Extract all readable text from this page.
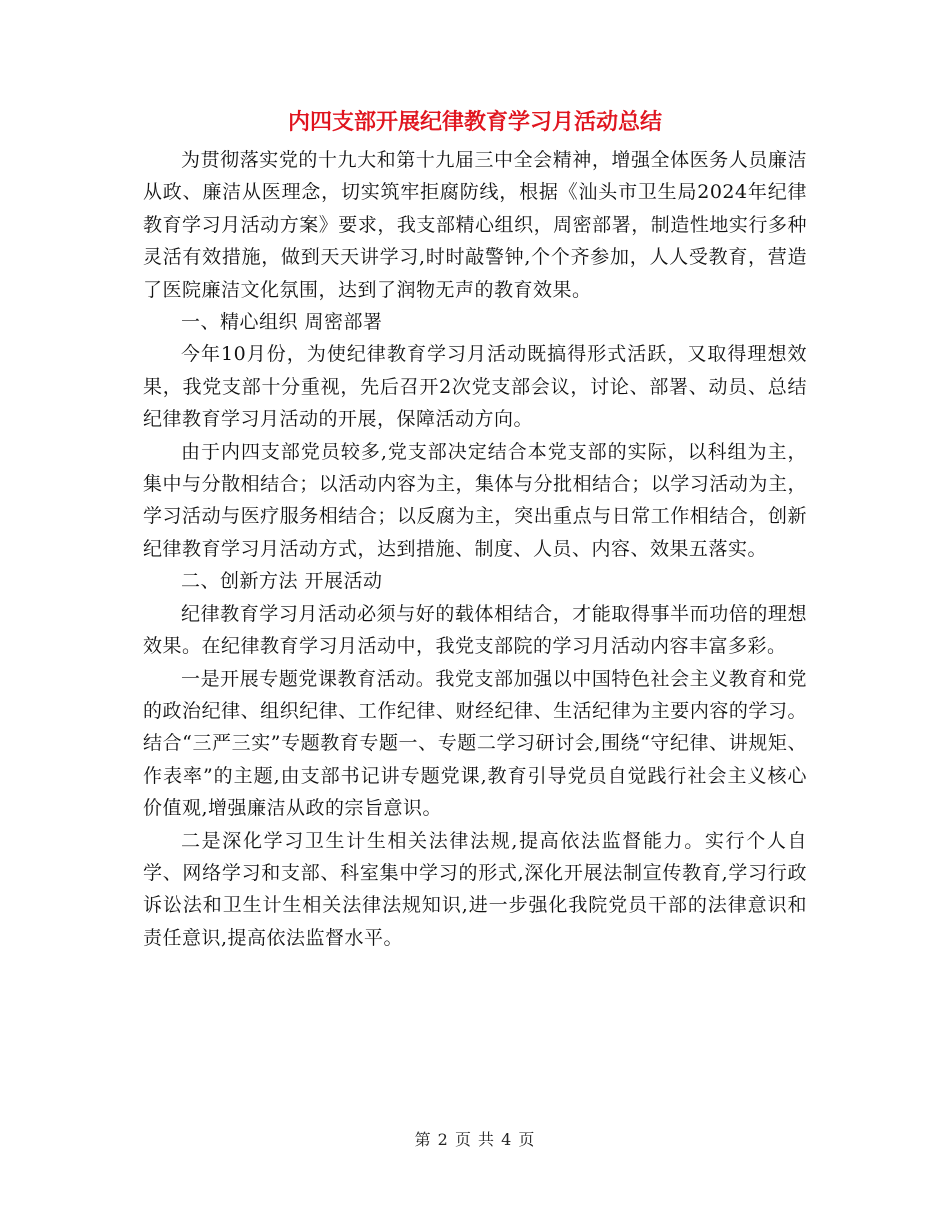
内四支部开展纪律教育学习月活动总结

为贯彻落实党的十九大和第十九届三中全会精神，增强全体医务人员廉洁从政、廉洁从医理念，切实筑牢拒腐防线，根据《汕头市卫生局2024年纪律教育学习月活动方案》要求，我支部精心组织，周密部署，制造性地实行多种灵活有效措施，做到天天讲学习,时时敲警钟,个个齐参加，人人受教育，营造了医院廉洁文化氛围，达到了润物无声的教育效果。

一、精心组织 周密部署

今年10月份，为使纪律教育学习月活动既搞得形式活跃，又取得理想效果，我党支部十分重视，先后召开2次党支部会议，讨论、部署、动员、总结纪律教育学习月活动的开展，保障活动方向。

由于内四支部党员较多,党支部决定结合本党支部的实际，以科组为主，集中与分散相结合；以活动内容为主，集体与分批相结合；以学习活动为主，学习活动与医疗服务相结合；以反腐为主，突出重点与日常工作相结合，创新纪律教育学习月活动方式，达到措施、制度、人员、内容、效果五落实。

二、创新方法 开展活动

纪律教育学习月活动必须与好的载体相结合，才能取得事半而功倍的理想效果。在纪律教育学习月活动中，我党支部院的学习月活动内容丰富多彩。

一是开展专题党课教育活动。我党支部加强以中国特色社会主义教育和党的政治纪律、组织纪律、工作纪律、财经纪律、生活纪律为主要内容的学习。结合“三严三实”专题教育专题一、专题二学习研讨会,围绕“守纪律、讲规矩、作表率”的主题,由支部书记讲专题党课,教育引导党员自觉践行社会主义核心价值观,增强廉洁从政的宗旨意识。

二是深化学习卫生计生相关法律法规,提高依法监督能力。实行个人自学、网络学习和支部、科室集中学习的形式,深化开展法制宣传教育,学习行政诉讼法和卫生计生相关法律法规知识,进一步强化我院党员干部的法律意识和责任意识,提高依法监督水平。

第 2 页 共 4 页
